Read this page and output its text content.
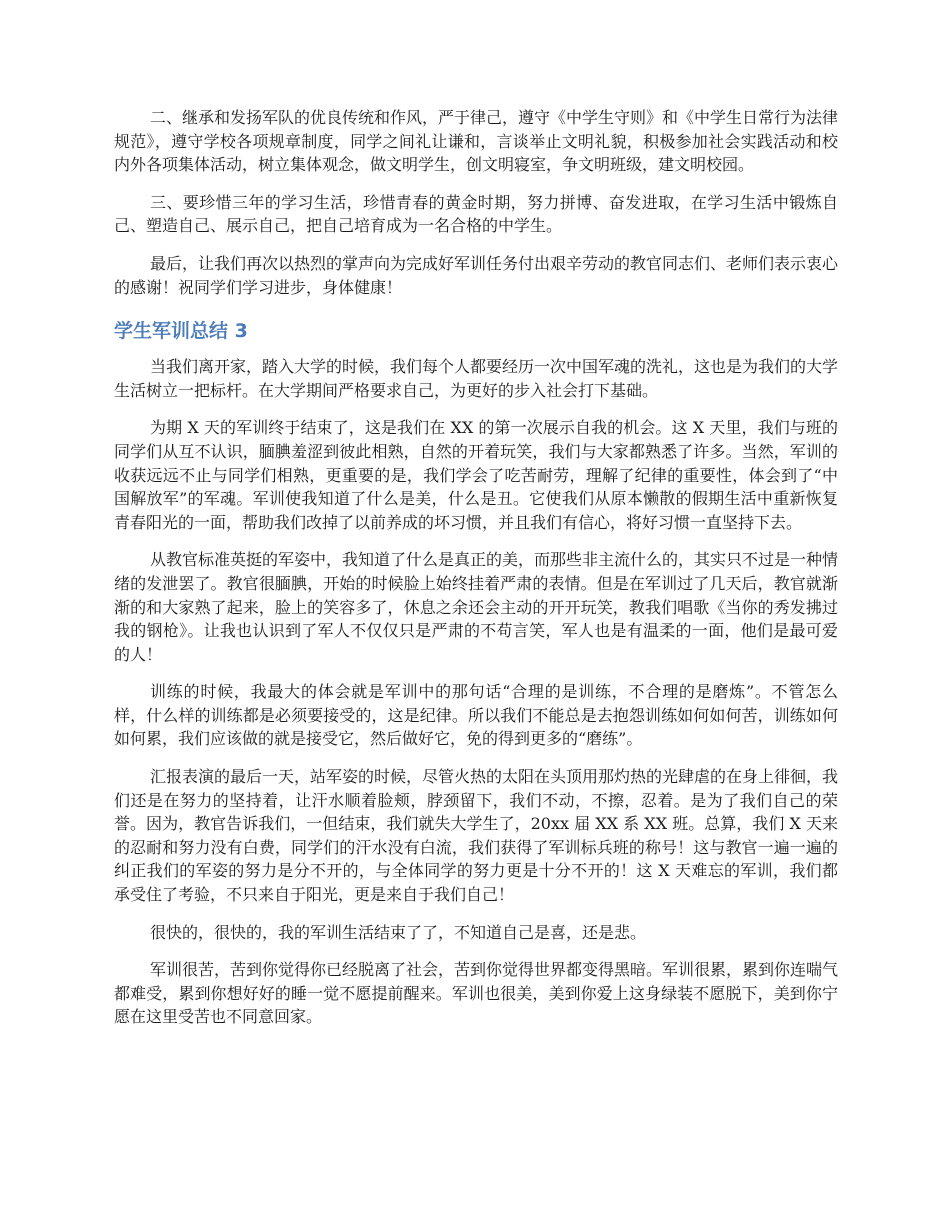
二、继承和发扬军队的优良传统和作风，严于律己，遵守《中学生守则》和《中学生日常行为法律规范》，遵守学校各项规章制度，同学之间礼让谦和，言谈举止文明礼貌，积极参加社会实践活动和校内外各项集体活动，树立集体观念，做文明学生，创文明寝室，争文明班级，建文明校园。

三、要珍惜三年的学习生活，珍惜青春的黄金时期，努力拼博、奋发进取，在学习生活中锻炼自己、塑造自己、展示自己，把自己培育成为一名合格的中学生。

最后，让我们再次以热烈的掌声向为完成好军训任务付出艰辛劳动的教官同志们、老师们表示衷心的感谢！祝同学们学习进步，身体健康！

学生军训总结 3

当我们离开家，踏入大学的时候，我们每个人都要经历一次中国军魂的洗礼，这也是为我们的大学生活树立一把标杆。在大学期间严格要求自己，为更好的步入社会打下基础。

为期 X 天的军训终于结束了，这是我们在 XX 的第一次展示自我的机会。这 X 天里，我们与班的同学们从互不认识，腼腆羞涩到彼此相熟，自然的开着玩笑，我们与大家都熟悉了许多。当然，军训的收获远远不止与同学们相熟，更重要的是，我们学会了吃苦耐劳，理解了纪律的重要性，体会到了“中国解放军”的军魂。军训使我知道了什么是美，什么是丑。它使我们从原本懒散的假期生活中重新恢复青春阳光的一面，帮助我们改掉了以前养成的坏习惯，并且我们有信心，将好习惯一直坚持下去。

从教官标准英挺的军姿中，我知道了什么是真正的美，而那些非主流什么的，其实只不过是一种情绪的发泄罢了。教官很腼腆，开始的时候脸上始终挂着严肃的表情。但是在军训过了几天后，教官就渐渐的和大家熟了起来，脸上的笑容多了，休息之余还会主动的开开玩笑，教我们唱歌《当你的秀发拂过我的钢枪》。让我也认识到了军人不仅仅只是严肃的不苟言笑，军人也是有温柔的一面，他们是最可爱的人！

训练的时候，我最大的体会就是军训中的那句话“合理的是训练，不合理的是磨炼”。不管怎么样，什么样的训练都是必须要接受的，这是纪律。所以我们不能总是去抱怨训练如何如何苦，训练如何如何累，我们应该做的就是接受它，然后做好它，免的得到更多的“磨练”。

汇报表演的最后一天，站军姿的时候，尽管火热的太阳在头顶用那灼热的光肆虐的在身上徘徊，我们还是在努力的坚持着，让汗水顺着脸颊，脖颈留下，我们不动，不擦，忍着。是为了我们自己的荣誉。因为，教官告诉我们，一但结束，我们就失大学生了，20xx 届 XX 系 XX 班。总算，我们 X 天来的忍耐和努力没有白费，同学们的汗水没有白流，我们获得了军训标兵班的称号！这与教官一遍一遍的纠正我们的军姿的努力是分不开的，与全体同学的努力更是十分不开的！这 X 天难忘的军训，我们都承受住了考验，不只来自于阳光，更是来自于我们自己！

很快的，很快的，我的军训生活结束了了，不知道自己是喜，还是悲。

军训很苦，苦到你觉得你已经脱离了社会，苦到你觉得世界都变得黑暗。军训很累，累到你连喘气都难受，累到你想好好的睡一觉不愿提前醒来。军训也很美，美到你爱上这身绿装不愿脱下，美到你宁愿在这里受苦也不同意回家。
